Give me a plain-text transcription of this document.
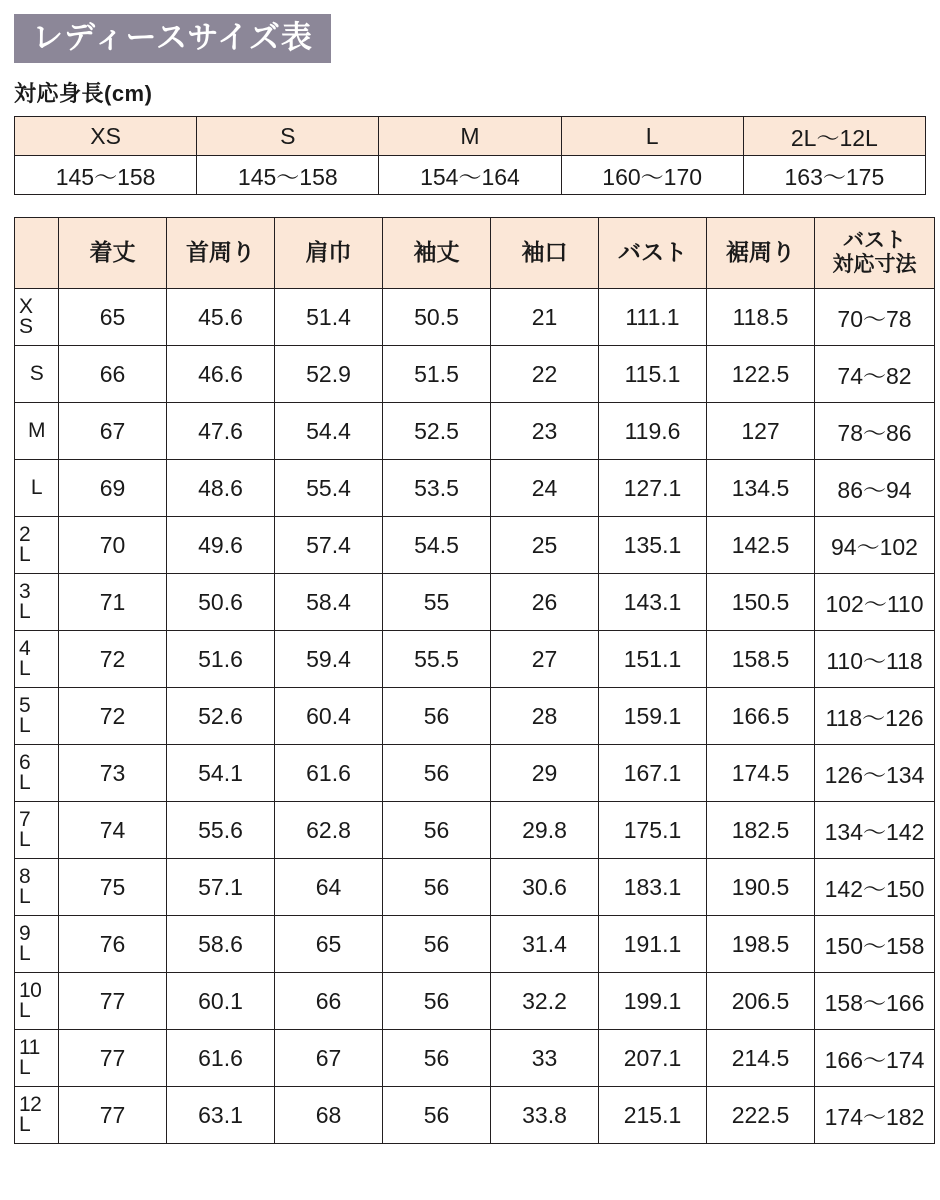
レディースサイズ表
対応身長(cm)
XS	S	M	L	2L～12L
145～158	145～158	154～164	160～170	163～175
	着丈	首周り	肩巾	袖丈	袖口	バスト	裾周り	バスト
対応寸法

X
S	65	45.6	51.4	50.5	21	111.1	118.5	70～78
S	66	46.6	52.9	51.5	22	115.1	122.5	74～82
M	67	47.6	54.4	52.5	23	119.6	127	78～86
L	69	48.6	55.4	53.5	24	127.1	134.5	86～94

2
L	70	49.6	57.4	54.5	25	135.1	142.5	94～102

3
L	71	50.6	58.4	55	26	143.1	150.5	102～110

4
L	72	51.6	59.4	55.5	27	151.1	158.5	110～118

5
L	72	52.6	60.4	56	28	159.1	166.5	118～126

6
L	73	54.1	61.6	56	29	167.1	174.5	126～134

7
L	74	55.6	62.8	56	29.8	175.1	182.5	134～142

8
L	75	57.1	64	56	30.6	183.1	190.5	142～150

9
L	76	58.6	65	56	31.4	191.1	198.5	150～158

10
L	77	60.1	66	56	32.2	199.1	206.5	158～166

11
L	77	61.6	67	56	33	207.1	214.5	166～174

12
L	77	63.1	68	56	33.8	215.1	222.5	174～182
